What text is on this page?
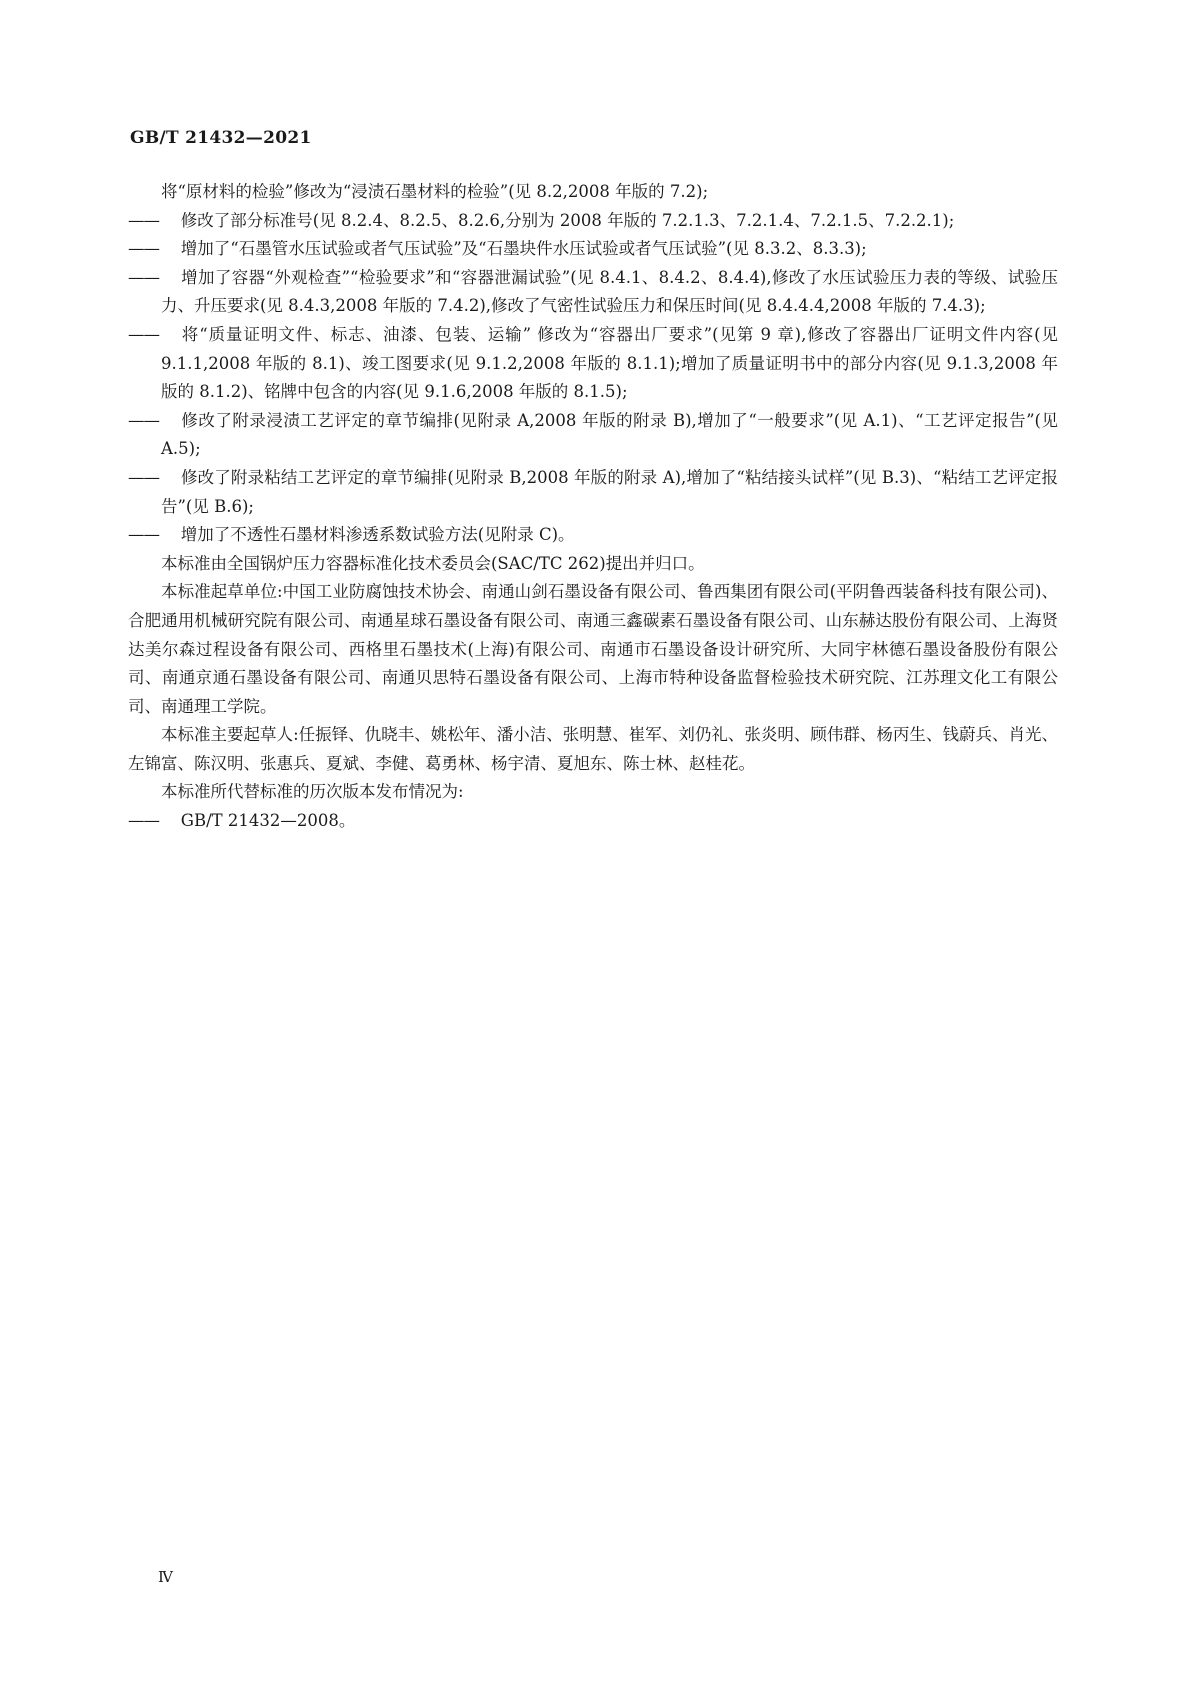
GB/T 21432—2021

将“原材料的检验”修改为“浸渍石墨材料的检验”(见 8.2,2008 年版的 7.2);

—— 修改了部分标准号(见 8.2.4、8.2.5、8.2.6,分别为 2008 年版的 7.2.1.3、7.2.1.4、7.2.1.5、7.2.2.1);

—— 增加了“石墨管水压试验或者气压试验”及“石墨块件水压试验或者气压试验”(见 8.3.2、8.3.3);

—— 增加了容器“外观检查”“检验要求”和“容器泄漏试验”(见 8.4.1、8.4.2、8.4.4),修改了水压试验压力表的等级、试验压力、升压要求(见 8.4.3,2008 年版的 7.4.2),修改了气密性试验压力和保压时间(见 8.4.4.4,2008 年版的 7.4.3);

—— 将“质量证明文件、标志、油漆、包装、运输” 修改为“容器出厂要求”(见第 9 章),修改了容器出厂证明文件内容(见 9.1.1,2008 年版的 8.1)、竣工图要求(见 9.1.2,2008 年版的 8.1.1);增加了质量证明书中的部分内容(见 9.1.3,2008 年版的 8.1.2)、铭牌中包含的内容(见 9.1.6,2008 年版的 8.1.5);

—— 修改了附录浸渍工艺评定的章节编排(见附录 A,2008 年版的附录 B),增加了“一般要求”(见 A.1)、“工艺评定报告”(见 A.5);

—— 修改了附录粘结工艺评定的章节编排(见附录 B,2008 年版的附录 A),增加了“粘结接头试样”(见 B.3)、“粘结工艺评定报告”(见 B.6);

—— 增加了不透性石墨材料渗透系数试验方法(见附录 C)。

本标准由全国锅炉压力容器标准化技术委员会(SAC/TC 262)提出并归口。

本标准起草单位:中国工业防腐蚀技术协会、南通山剑石墨设备有限公司、鲁西集团有限公司(平阴鲁西装备科技有限公司)、合肥通用机械研究院有限公司、南通星球石墨设备有限公司、南通三鑫碳素石墨设备有限公司、山东赫达股份有限公司、上海贤达美尔森过程设备有限公司、西格里石墨技术(上海)有限公司、南通市石墨设备设计研究所、大同宇林德石墨设备股份有限公司、南通京通石墨设备有限公司、南通贝思特石墨设备有限公司、上海市特种设备监督检验技术研究院、江苏理文化工有限公司、南通理工学院。

本标准主要起草人:任振铎、仇晓丰、姚松年、潘小洁、张明慧、崔军、刘仍礼、张炎明、顾伟群、杨丙生、钱蔚兵、肖光、左锦富、陈汉明、张惠兵、夏斌、李健、葛勇林、杨宇清、夏旭东、陈士林、赵桂花。

本标准所代替标准的历次版本发布情况为:

—— GB/T 21432—2008。

Ⅳ
